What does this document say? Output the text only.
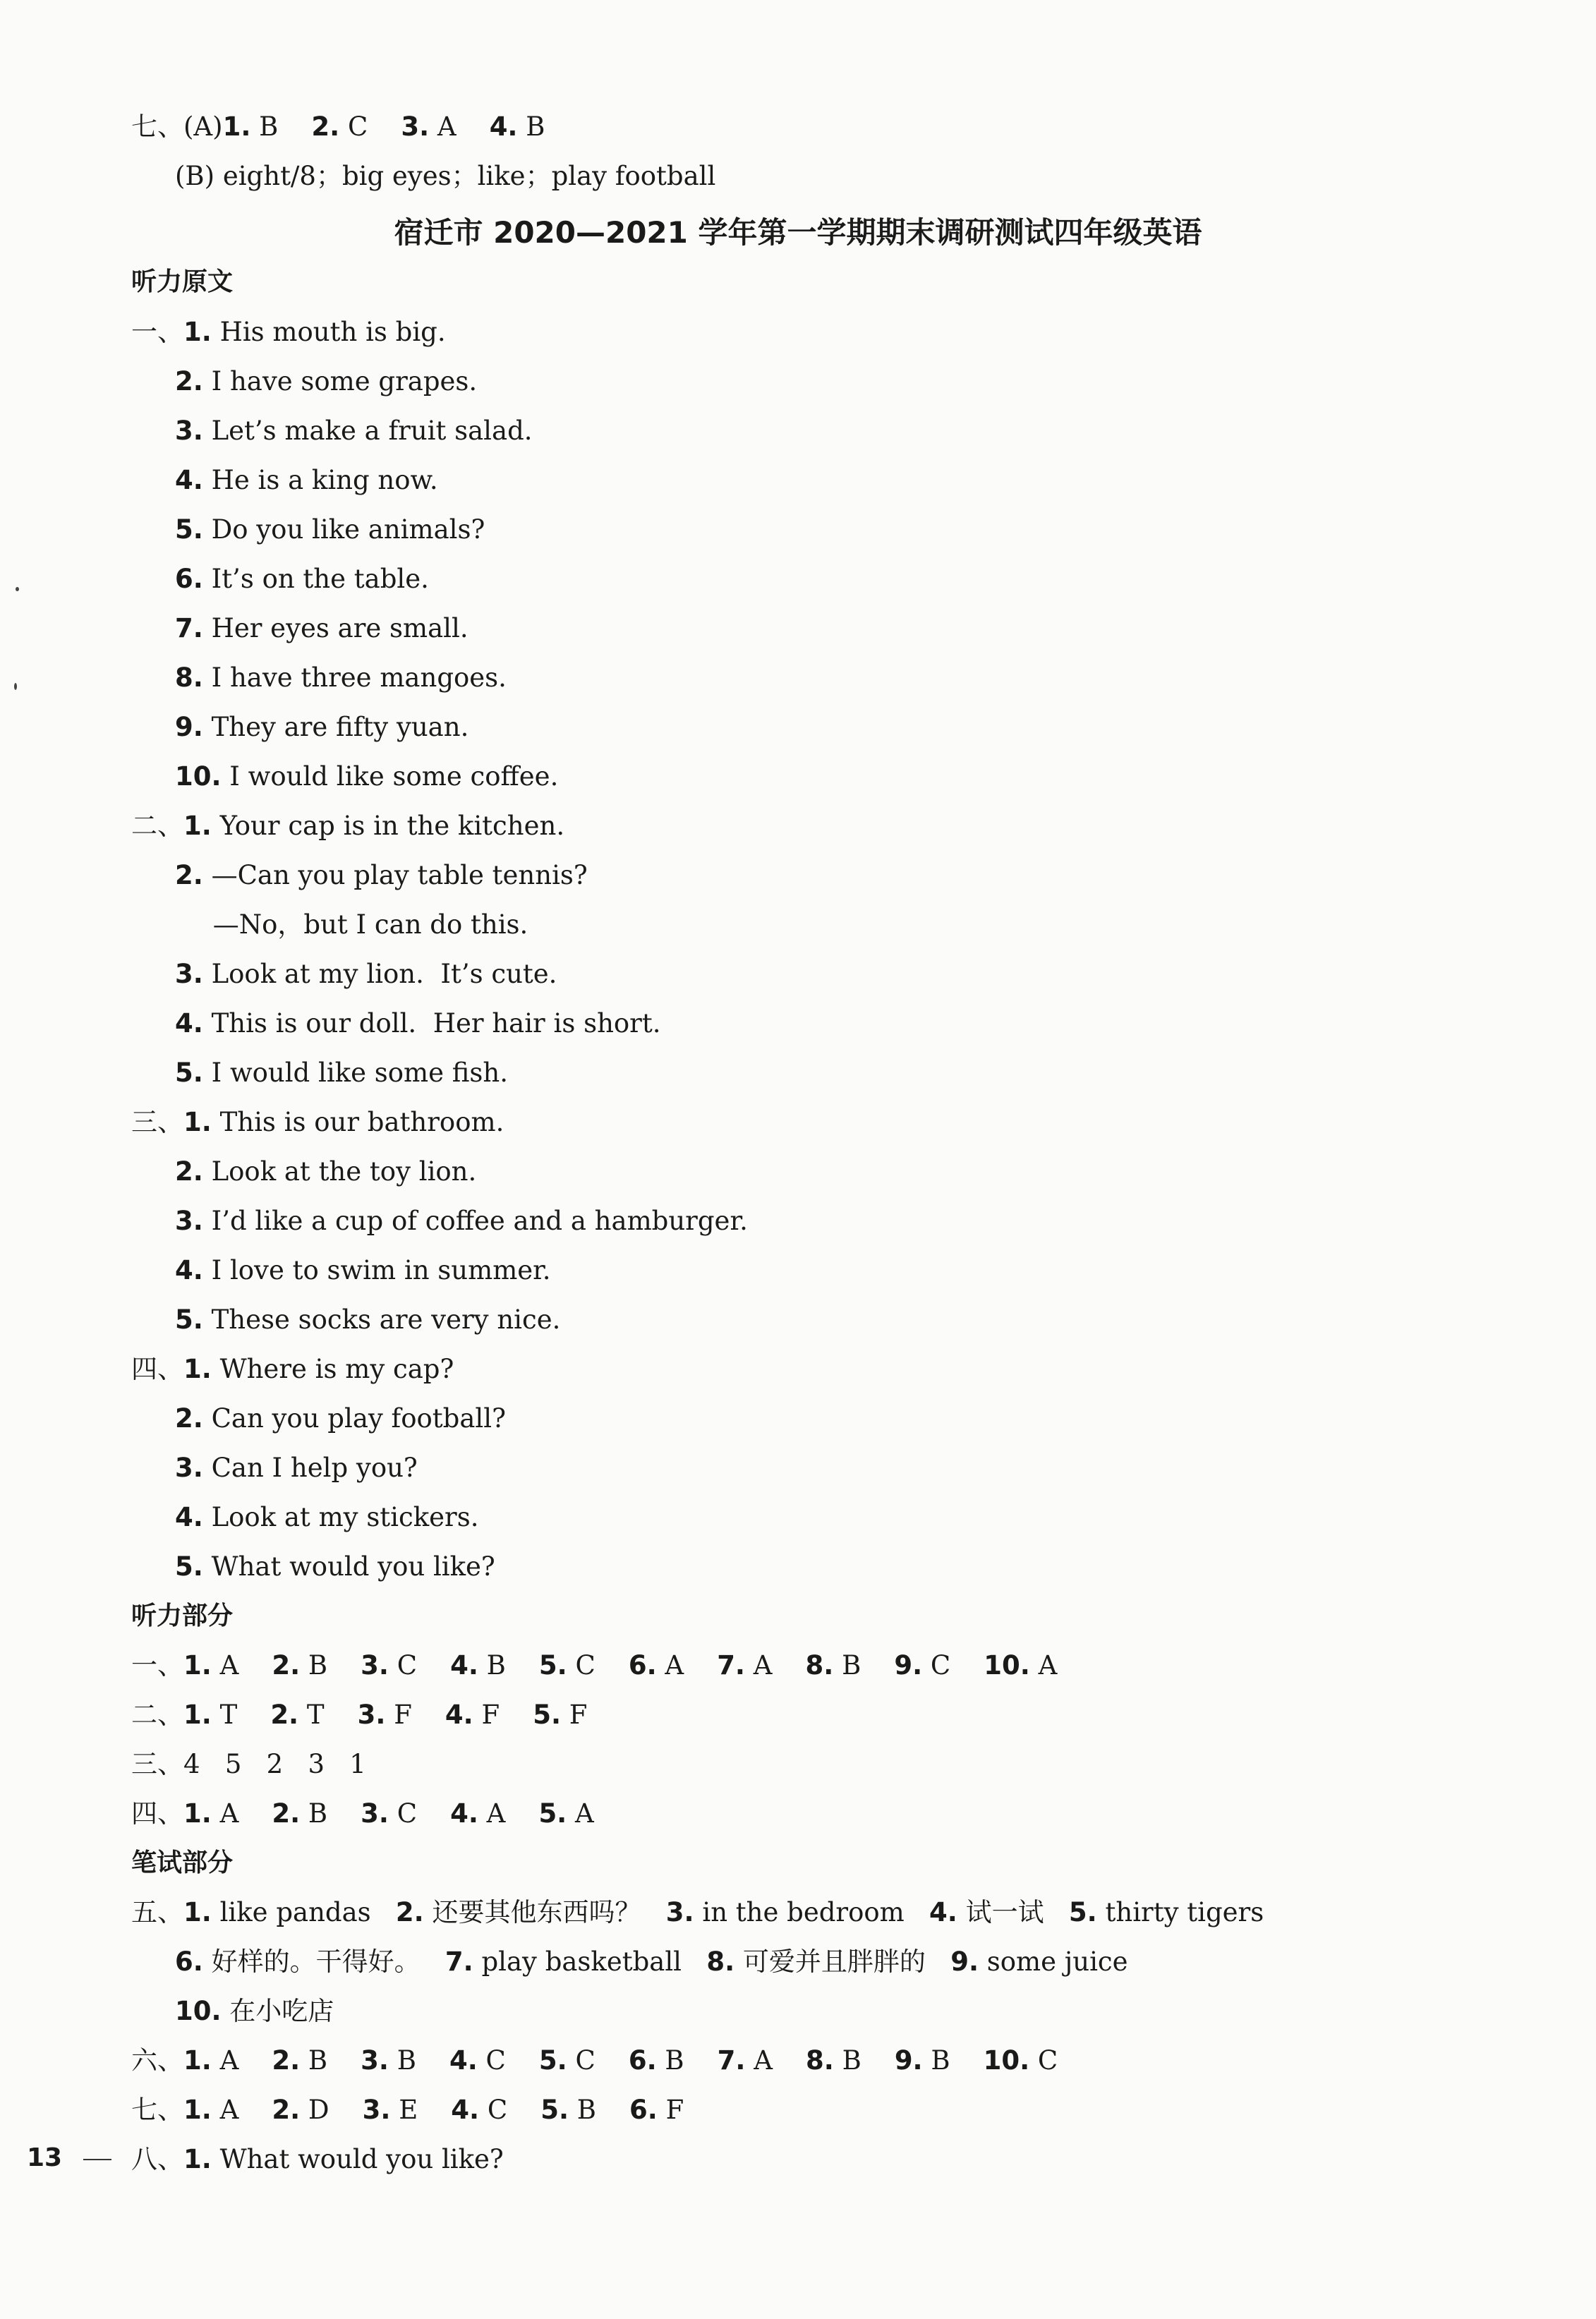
七、(A)1. B 2. C 3. A 4. B
(B) eight/8；big eyes；like；play football
宿迁市 2020—2021 学年第一学期期末调研测试四年级英语
听力原文
一、1. His mouth is big.
2. I have some grapes.
3. Let’s make a fruit salad.
4. He is a king now.
5. Do you like animals?
6. It’s on the table.
7. Her eyes are small.
8. I have three mangoes.
9. They are fifty yuan.
10. I would like some coffee.
二、1. Your cap is in the kitchen.
2. —Can you play table tennis?
—No，but I can do this.
3. Look at my lion.  It’s cute.
4. This is our doll.  Her hair is short.
5. I would like some fish.
三、1. This is our bathroom.
2. Look at the toy lion.
3. I’d like a cup of coffee and a hamburger.
4. I love to swim in summer.
5. These socks are very nice.
四、1. Where is my cap?
2. Can you play football?
3. Can I help you?
4. Look at my stickers.
5. What would you like?
听力部分
一、1. A 2. B 3. C 4. B 5. C 6. A 7. A 8. B 9. C 10. A
二、1. T 2. T 3. F 4. F 5. F
三、4   5   2   3   1
四、1. A 2. B 3. C 4. A 5. A
笔试部分
五、1. like pandas 2. 还要其他东西吗？ 3. in the bedroom 4. 试一试 5. thirty tigers
6. 好样的。干得好。 7. play basketball 8. 可爱并且胖胖的 9. some juice
10. 在小吃店
六、1. A 2. B 3. B 4. C 5. C 6. B 7. A 8. B 9. B 10. C
七、1. A 2. D 3. E 4. C 5. B 6. F
八、1. What would you like?
13
